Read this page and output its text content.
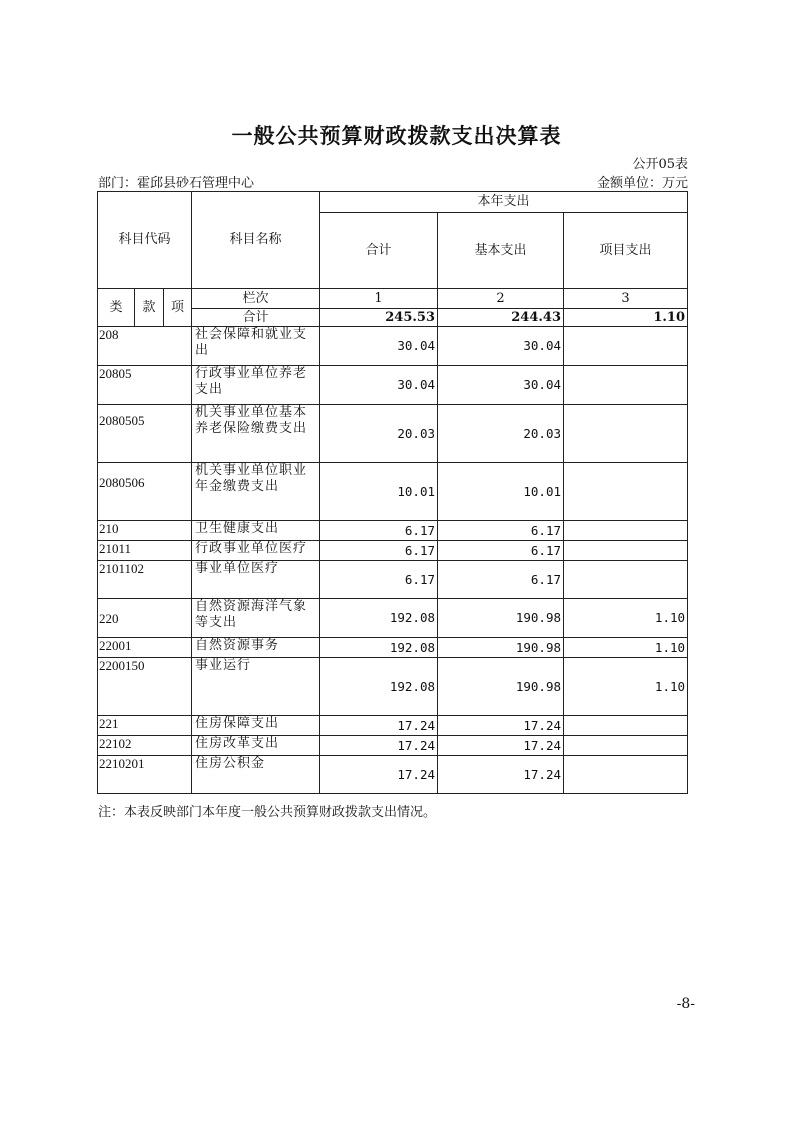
一般公共预算财政拨款支出决算表
公开05表
部门：霍邱县砂石管理中心	金额单位：万元
科目代码			科目名称	本年支出		
				合计	基本支出	项目支出
类	款	项	栏次	1	2	3
			合计	245.53	244.43	1.10
208			社会保障和就业支出	30.04	30.04	
20805			行政事业单位养老支出	30.04	30.04	
2080505			机关事业单位基本养老保险缴费支出	20.03	20.03	
2080506			机关事业单位职业年金缴费支出	10.01	10.01	
210			卫生健康支出	6.17	6.17	
21011			行政事业单位医疗	6.17	6.17	
2101102			事业单位医疗	6.17	6.17	
220			自然资源海洋气象等支出	192.08	190.98	1.10
22001			自然资源事务	192.08	190.98	1.10
2200150			事业运行	192.08	190.98	1.10
221			住房保障支出	17.24	17.24	
22102			住房改革支出	17.24	17.24	
2210201			住房公积金	17.24	17.24	
注：本表反映部门本年度一般公共预算财政拨款支出情况。
-8-
